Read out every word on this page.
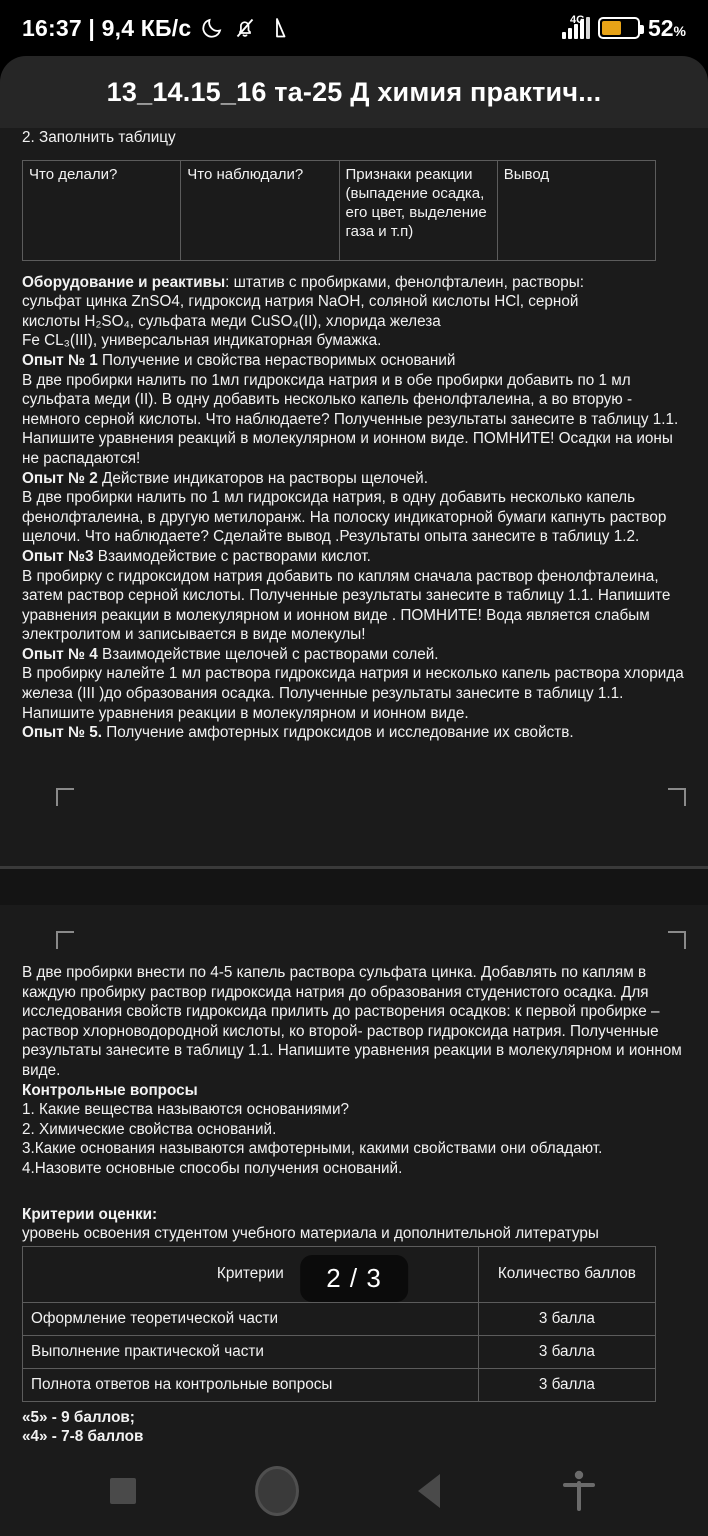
16:37 | 9,4 КБ/с	4G	52%
13_14.15_16 та-25 Д химия практич...

2. Заполнить таблицу

Что делали?	Что наблюдали?	Признаки реакции (выпадение осадка, его цвет, выделение газа и т.п)	Вывод

Оборудование и реактивы: штатив с пробирками, фенолфталеин, растворы:

сульфат цинка ZnSO4, гидроксид натрия NaOH, соляной кислоты HCl, серной

кислоты H₂SO₄, сульфата меди CuSO₄(ІІ), хлорида железа

Fe CL₃(ІІІ), универсальная индикаторная бумажка.

Опыт № 1 Получение и свойства нерастворимых оснований

В две пробирки налить по 1мл гидроксида натрия и в обе пробирки добавить по 1 мл сульфата меди (ІІ). В одну добавить несколько капель фенолфталеина, а во вторую - немного серной кислоты. Что наблюдаете? Полученные результаты занесите в таблицу 1.1. Напишите уравнения реакций в молекулярном и ионном виде. ПОМНИТЕ! Осадки на ионы не распадаются!

Опыт № 2 Действие индикаторов на растворы щелочей.

В две пробирки налить по 1 мл гидроксида натрия, в одну добавить несколько капель фенолфталеина, в другую метилоранж. На полоску индикаторной бумаги капнуть раствор щелочи. Что наблюдаете? Сделайте вывод .Результаты опыта занесите в таблицу 1.2.

Опыт №3 Взаимодействие с растворами кислот.

В пробирку с гидроксидом натрия добавить по каплям сначала раствор фенолфталеина, затем раствор серной кислоты. Полученные результаты занесите в таблицу 1.1. Напишите уравнения реакции в молекулярном и ионном виде . ПОМНИТЕ! Вода является слабым электролитом и записывается в виде молекулы!

Опыт № 4 Взаимодействие щелочей с растворами солей.

В пробирку налейте 1 мл раствора гидроксида натрия и несколько капель раствора хлорида железа (ІІІ )до образования осадка. Полученные результаты занесите в таблицу 1.1. Напишите уравнения реакции в молекулярном и ионном виде.

Опыт № 5. Получение амфотерных гидроксидов и исследование их свойств.

В две пробирки внести по 4-5 капель раствора сульфата цинка. Добавлять по каплям в каждую пробирку раствор гидроксида натрия до образования студенистого осадка. Для исследования свойств гидроксида прилить до растворения осадков: к первой пробирке – раствор хлорноводородной кислоты, ко второй- раствор гидроксида натрия. Полученные результаты занесите в таблицу 1.1. Напишите уравнения реакции в молекулярном и ионном виде.

Контрольные вопросы

1. Какие вещества называются основаниями?

2. Химические свойства оснований.

3.Какие основания называются амфотерными, какими свойствами они обладают.

4.Назовите основные способы получения оснований.

Критерии оценки:

уровень освоения студентом учебного материала и дополнительной литературы

Критерии	Количество баллов
Оформление теоретической части	3 балла
Выполнение практической части	3 балла
Полнота ответов на контрольные вопросы	3 балла

«5» - 9 баллов;

«4» - 7-8 баллов

2 / 3
